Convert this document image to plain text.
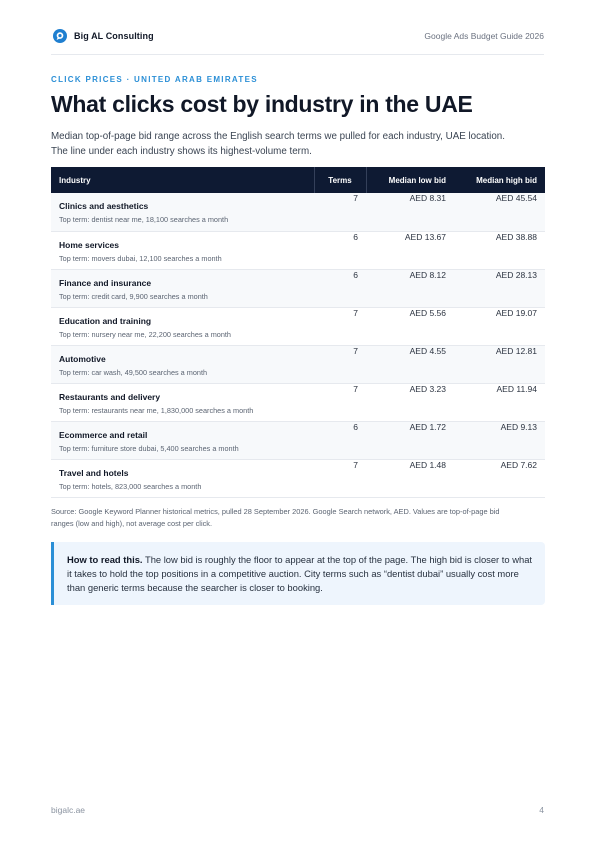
Big AL Consulting	Google Ads Budget Guide 2026
CLICK PRICES · UNITED ARAB EMIRATES
What clicks cost by industry in the UAE

Median top-of-page bid range across the English search terms we pulled for each industry, UAE location.
The line under each industry shows its highest-volume term.

Industry	Terms	Median low bid	Median high bid

Clinics and aesthetics
Top term: dentist near me, 18,100 searches a month	7	AED 8.31	AED 45.54

Home services
Top term: movers dubai, 12,100 searches a month	6	AED 13.67	AED 38.88

Finance and insurance
Top term: credit card, 9,900 searches a month	6	AED 8.12	AED 28.13

Education and training
Top term: nursery near me, 22,200 searches a month	7	AED 5.56	AED 19.07

Automotive
Top term: car wash, 49,500 searches a month	7	AED 4.55	AED 12.81

Restaurants and delivery
Top term: restaurants near me, 1,830,000 searches a month	7	AED 3.23	AED 11.94

Ecommerce and retail
Top term: furniture store dubai, 5,400 searches a month	6	AED 1.72	AED 9.13

Travel and hotels
Top term: hotels, 823,000 searches a month	7	AED 1.48	AED 7.62

Source: Google Keyword Planner historical metrics, pulled 28 September 2026. Google Search network, AED. Values are top-of-page bid
ranges (low and high), not average cost per click.

How to read this. The low bid is roughly the floor to appear at the top of the page. The high bid is closer to what it takes to hold the top positions in a competitive auction. City terms such as “dentist dubai” usually cost more than generic terms because the searcher is closer to booking.
bigalc.ae	4
